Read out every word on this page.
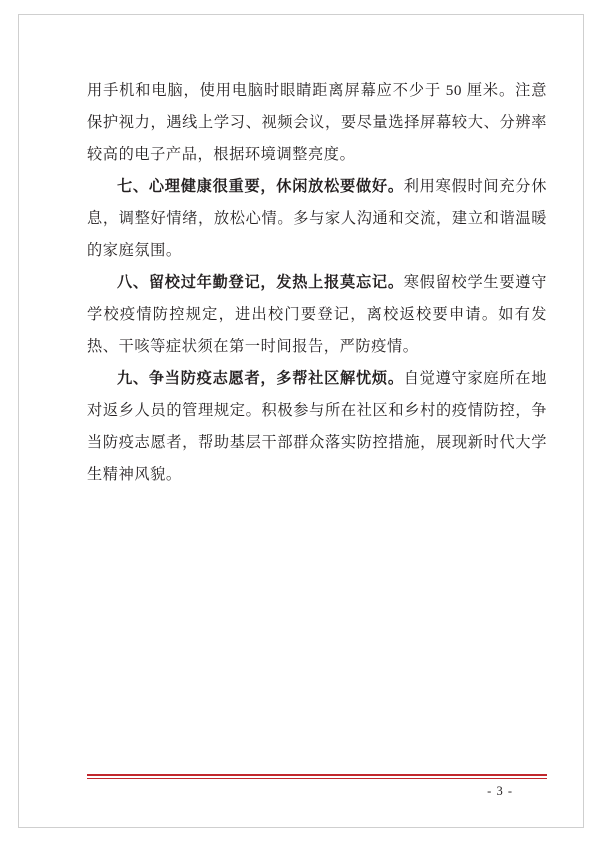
用手机和电脑，使用电脑时眼睛距离屏幕应不少于 50 厘米。注意保护视力，遇线上学习、视频会议，要尽量选择屏幕较大、分辨率较高的电子产品，根据环境调整亮度。

七、心理健康很重要，休闲放松要做好。利用寒假时间充分休息，调整好情绪，放松心情。多与家人沟通和交流，建立和谐温暖的家庭氛围。

八、留校过年勤登记，发热上报莫忘记。寒假留校学生要遵守学校疫情防控规定，进出校门要登记，离校返校要申请。如有发热、干咳等症状须在第一时间报告，严防疫情。

九、争当防疫志愿者，多帮社区解忧烦。自觉遵守家庭所在地对返乡人员的管理规定。积极参与所在社区和乡村的疫情防控，争当防疫志愿者，帮助基层干部群众落实防控措施，展现新时代大学生精神风貌。

- 3 -
